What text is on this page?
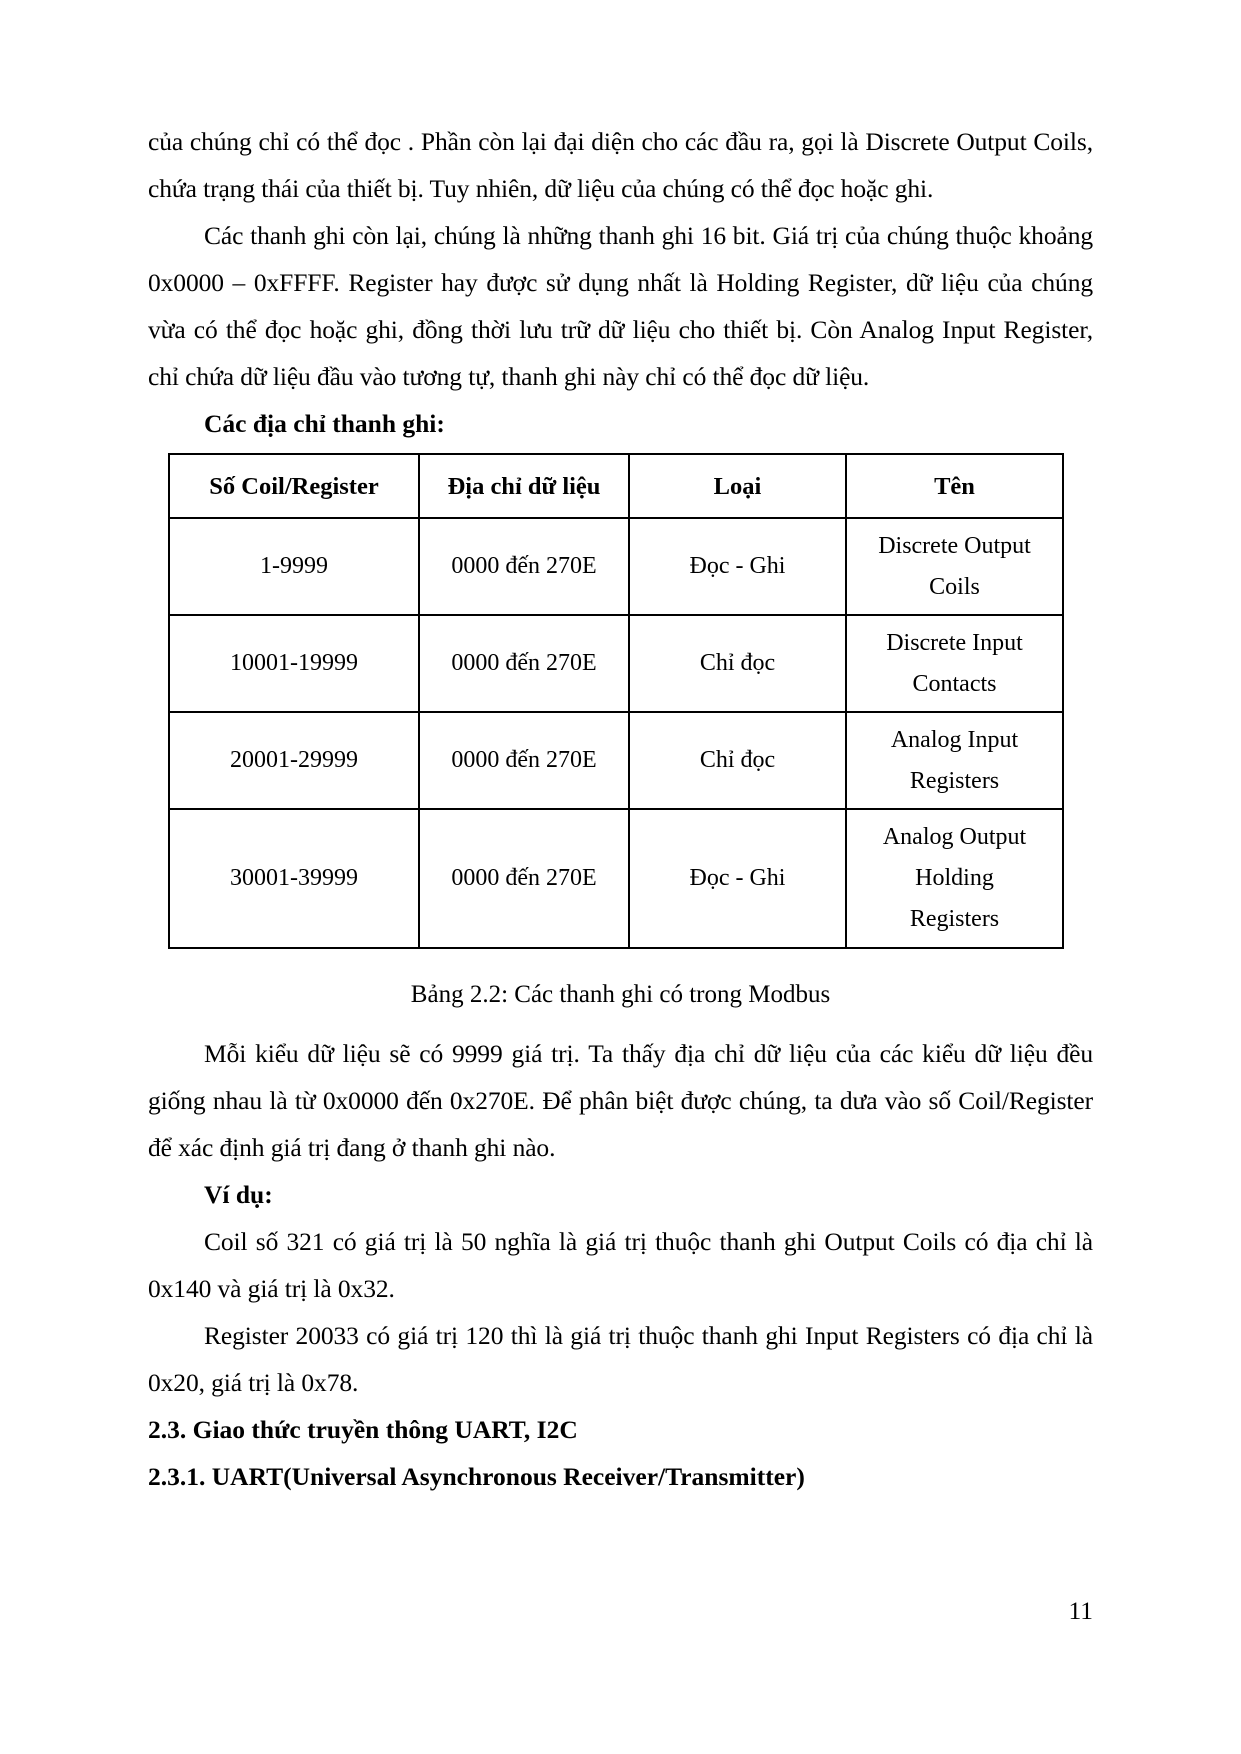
của chúng chỉ có thể đọc . Phần còn lại đại diện cho các đầu ra, gọi là Discrete Output Coils, chứa trạng thái của thiết bị. Tuy nhiên, dữ liệu của chúng có thể đọc hoặc ghi.

Các thanh ghi còn lại, chúng là những thanh ghi 16 bit. Giá trị của chúng thuộc khoảng 0x0000 – 0xFFFF. Register hay được sử dụng nhất là Holding Register, dữ liệu của chúng vừa có thể đọc hoặc ghi, đồng thời lưu trữ dữ liệu cho thiết bị. Còn Analog Input Register, chỉ chứa dữ liệu đầu vào tương tự, thanh ghi này chỉ có thể đọc dữ liệu.

Các địa chỉ thanh ghi:

Số Coil/Register	Địa chỉ dữ liệu	Loại	Tên
1-9999	0000 đến 270E	Đọc - Ghi	Discrete Output
Coils

10001-19999	0000 đến 270E	Chỉ đọc	Discrete Input
Contacts

20001-29999	0000 đến 270E	Chỉ đọc	Analog Input
Registers

30001-39999	0000 đến 270E	Đọc - Ghi	Analog Output
Holding
Registers

Bảng 2.2: Các thanh ghi có trong Modbus

Mỗi kiểu dữ liệu sẽ có 9999 giá trị. Ta thấy địa chỉ dữ liệu của các kiểu dữ liệu đều giống nhau là từ 0x0000 đến 0x270E. Để phân biệt được chúng, ta dưa vào số Coil/Register để xác định giá trị đang ở thanh ghi nào.

Ví dụ:

Coil số 321 có giá trị là 50 nghĩa là giá trị thuộc thanh ghi Output Coils có địa chỉ là 0x140 và giá trị là 0x32.

Register 20033 có giá trị 120 thì là giá trị thuộc thanh ghi Input Registers có địa chỉ là 0x20, giá trị là 0x78.

2.3. Giao thức truyền thông UART, I2C

2.3.1. UART(Universal Asynchronous Receiver/Transmitter)

11
